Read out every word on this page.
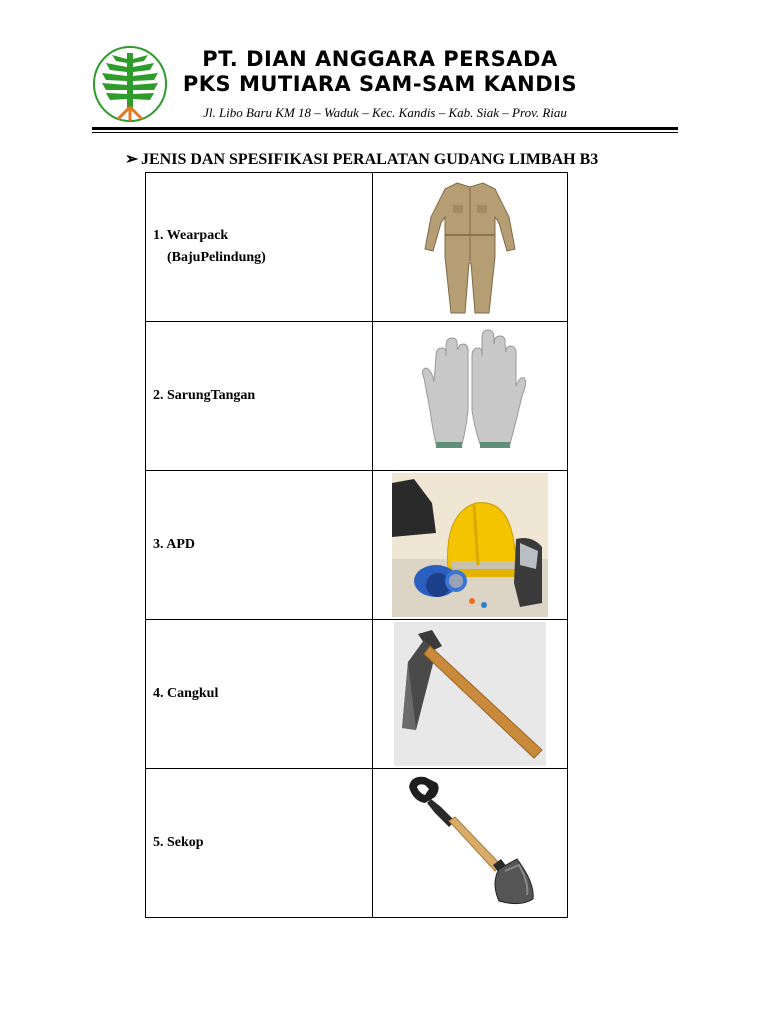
PT. DIAN ANGGARA PERSADA
PKS MUTIARA SAM-SAM KANDIS
Jl. Libo Baru KM 18 – Waduk – Kec. Kandis – Kab. Siak – Prov. Riau
➢ JENIS DAN SPESIFIKASI PERALATAN GUDANG LIMBAH B3
1. Wearpack
(BajuPelindung)

2. SarungTangan	

3. APD	

4. Cangkul	

5. Sekop	
